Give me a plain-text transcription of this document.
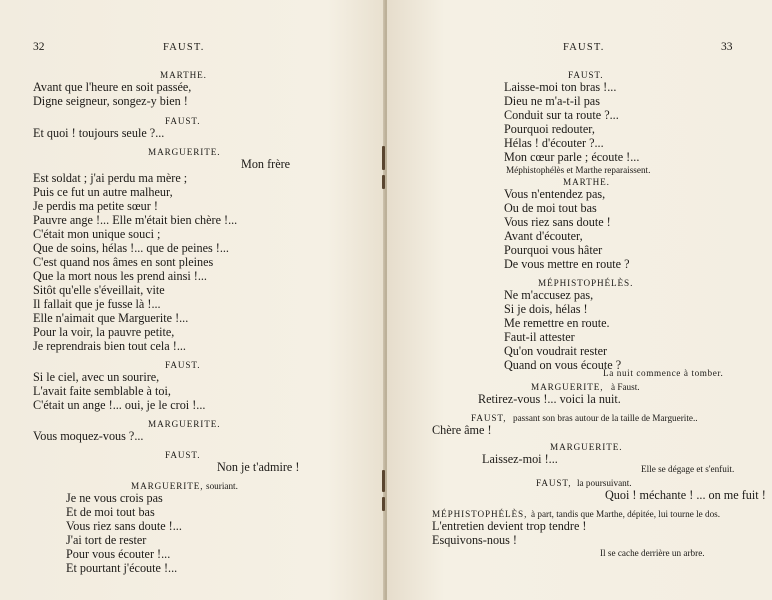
32	FAUST.
MARTHE.
Avant que l'heure en soit passée,
Digne seigneur, songez-y bien !
FAUST.
Et quoi ! toujours seule ?...
MARGUERITE.
Mon frère
Est soldat ; j'ai perdu ma mère ;
Puis ce fut un autre malheur,
Je perdis ma petite sœur !
Pauvre ange !... Elle m'était bien chère !...
C'était mon unique souci ;
Que de soins, hélas !... que de peines !...
C'est quand nos âmes en sont pleines
Que la mort nous les prend ainsi !...
Sitôt qu'elle s'éveillait, vite
Il fallait que je fusse là !...
Elle n'aimait que Marguerite !...
Pour la voir, la pauvre petite,
Je reprendrais bien tout cela !...
FAUST.
Si le ciel, avec un sourire,
L'avait faite semblable à toi,
C'était un ange !... oui, je le croi !...
MARGUERITE.
Vous moquez-vous ?...
FAUST.
Non je t'admire !
MARGUERITE, souriant.
Je ne vous crois pas
Et de moi tout bas
Vous riez sans doute !...
J'ai tort de rester
Pour vous écouter !...
Et pourtant j'écoute !...
FAUST.	33
FAUST.
Laisse-moi ton bras !...
Dieu ne m'a-t-il pas
Conduit sur ta route ?...
Pourquoi redouter,
Hélas ! d'écouter ?...
Mon cœur parle ; écoute !...
Méphistophélès et Marthe reparaissent.
MARTHE.
Vous n'entendez pas,
Ou de moi tout bas
Vous riez sans doute !
Avant d'écouter,
Pourquoi vous hâter
De vous mettre en route ?
MÉPHISTOPHÉLÈS.
Ne m'accusez pas,
Si je dois, hélas !
Me remettre en route.
Faut-il attester
Qu'on voudrait rester
Quand on vous écoute ?
La nuit commence à tomber.
MARGUERITE, à Faust.
Retirez-vous !... voici la nuit.
FAUST, passant son bras autour de la taille de Marguerite..
Chère âme !
MARGUERITE.
Laissez-moi !...
Elle se dégage et s'enfuit.
FAUST, la poursuivant.
Quoi ! méchante ! ... on me fuit !
MÉPHISTOPHÉLÈS, à part, tandis que Marthe, dépitée, lui tourne le dos.
L'entretien devient trop tendre !
Esquivons-nous !
Il se cache derrière un arbre.
